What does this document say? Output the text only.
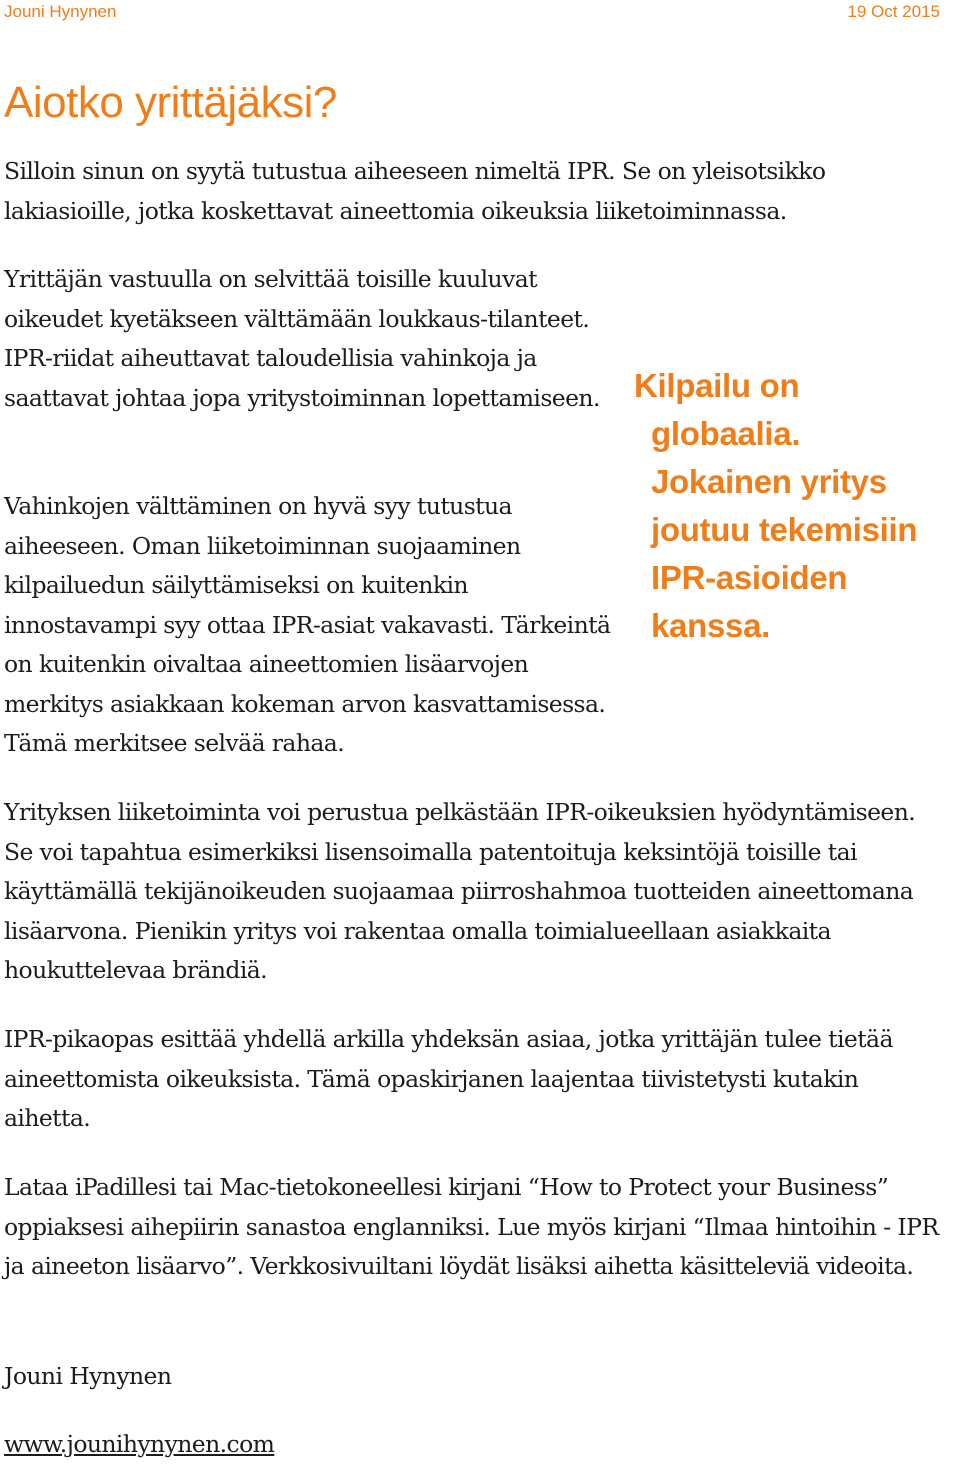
Jouni Hynynen	19 Oct 2015
Aiotko yrittäjäksi?

Silloin sinun on syytä tutustua aiheeseen nimeltä IPR. Se on yleisotsikko lakiasioille, jotka koskettavat aineettomia oikeuksia liiketoiminnassa.

Yrittäjän vastuulla on selvittää toisille kuuluvat oikeudet kyetäkseen välttämään loukkaus-tilanteet. IPR-riidat aiheuttavat taloudellisia vahinkoja ja saattavat johtaa jopa yritystoiminnan lopettamiseen.

Vahinkojen välttäminen on hyvä syy tutustua aiheeseen. Oman liiketoiminnan suojaaminen kilpailuedun säilyttämiseksi on kuitenkin innostavampi syy ottaa IPR-asiat vakavasti. Tärkeintä on kuitenkin oivaltaa aineettomien lisäarvojen merkitys asiakkaan kokeman arvon kasvattamisessa. Tämä merkitsee selvää rahaa.

Kilpailu on
globaalia.
Jokainen yritys
joutuu tekemisiin
IPR-asioiden
kanssa.

Yrityksen liiketoiminta voi perustua pelkästään IPR-oikeuksien hyödyntämiseen. Se voi tapahtua esimerkiksi lisensoimalla patentoituja keksintöjä toisille tai käyttämällä tekijänoikeuden suojaamaa piirroshahmoa tuotteiden aineettomana lisäarvona. Pienikin yritys voi rakentaa omalla toimialueellaan asiakkaita houkuttelevaa brändiä.

IPR-pikaopas esittää yhdellä arkilla yhdeksän asiaa, jotka yrittäjän tulee tietää aineettomista oikeuksista. Tämä opaskirjanen laajentaa tiivistetysti kutakin aihetta.

Lataa iPadillesi tai Mac-tietokoneellesi kirjani “How to Protect your Business” oppiaksesi aihepiirin sanastoa englanniksi. Lue myös kirjani “Ilmaa hintoihin - IPR ja aineeton lisäarvo”. Verkkosivuiltani löydät lisäksi aihetta käsitteleviä videoita.

Jouni Hynynen

www.jounihynynen.com
